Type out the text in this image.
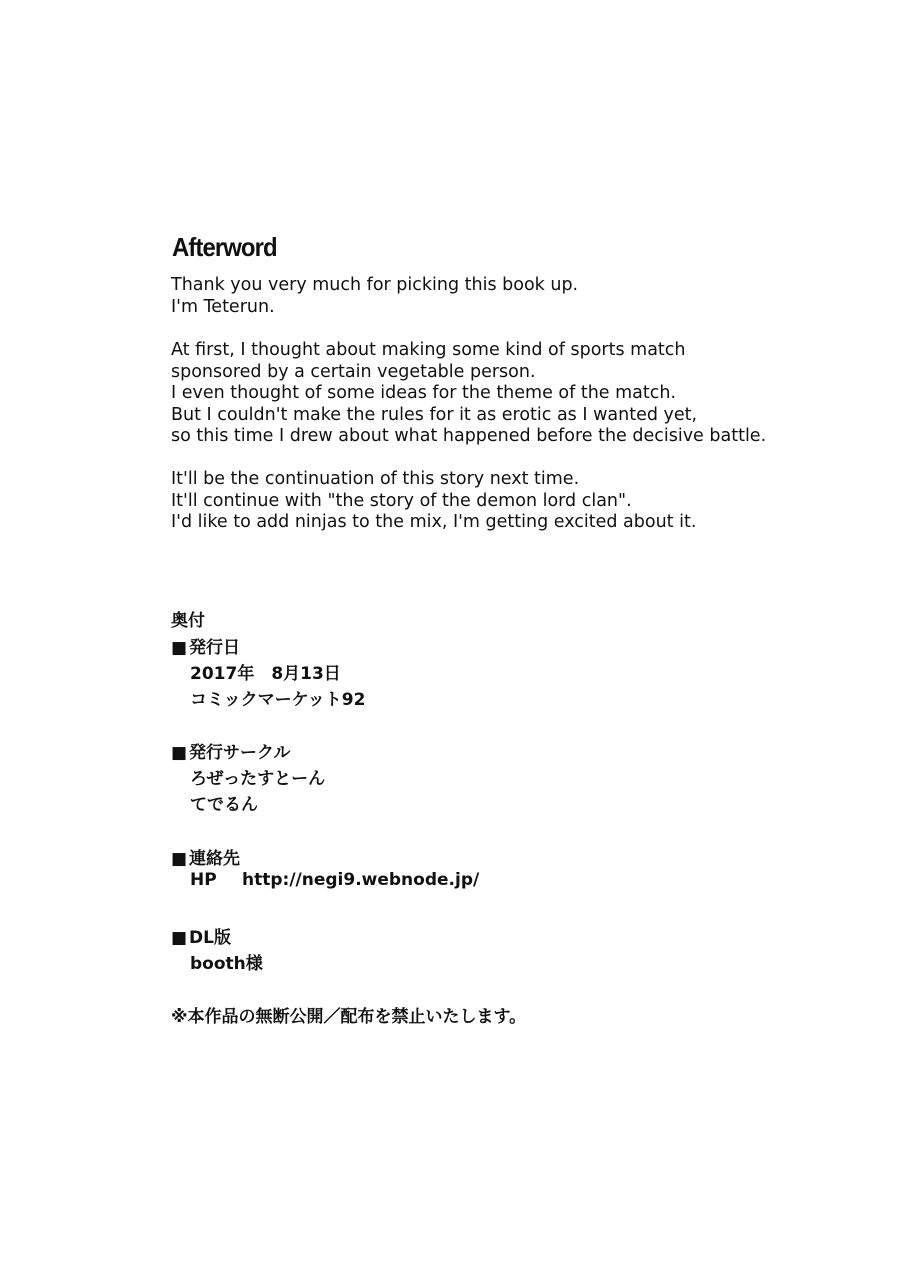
Afterword

Thank you very much for picking this book up.
I'm Teterun.

At first, I thought about making some kind of sports match
sponsored by a certain vegetable person.
I even thought of some ideas for the theme of the match.
But I couldn't make the rules for it as erotic as I wanted yet,
so this time I drew about what happened before the decisive battle.

It'll be the continuation of this story next time.
It'll continue with "the story of the demon lord clan".
I'd like to add ninjas to the mix, I'm getting excited about it.

奥付
■ 発行日
2017年　8月13日
コミックマーケット92
■ 発行サークル
ろぜったすとーん
てでるん
■ 連絡先
HP http://negi9.webnode.jp/
■ DL版
booth様
※本作品の無断公開／配布を禁止いたします。
